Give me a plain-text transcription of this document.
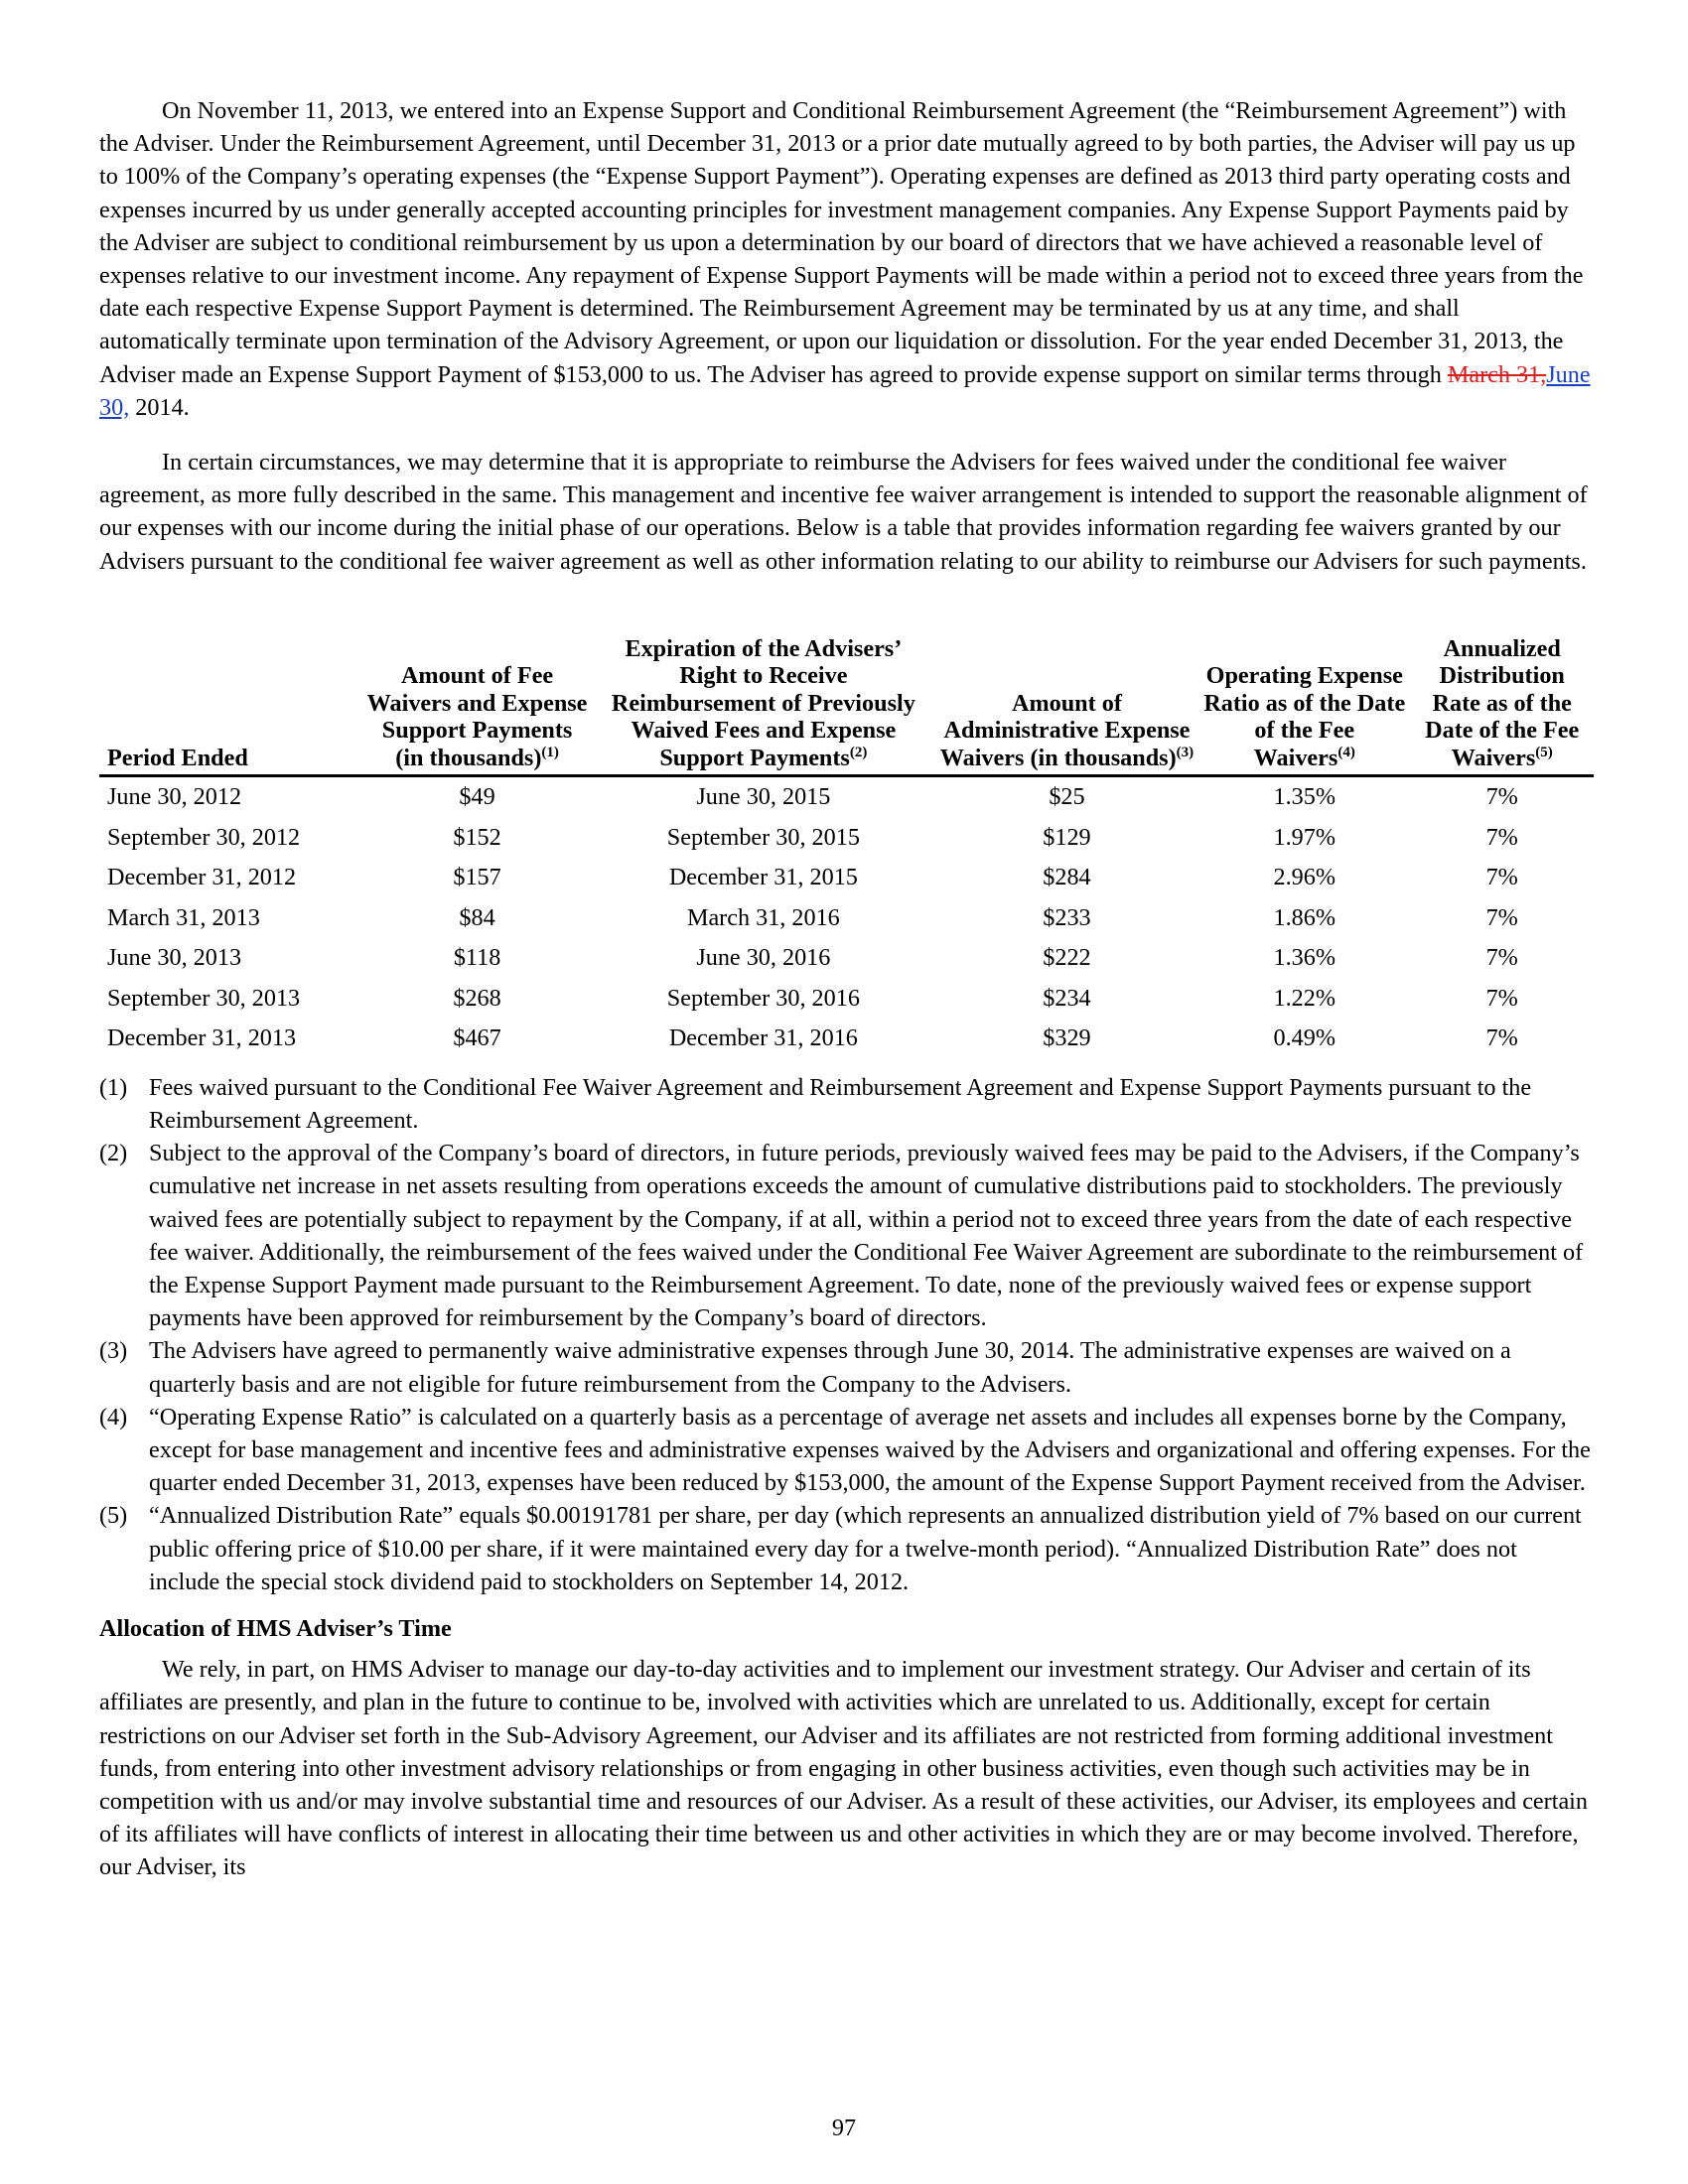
On November 11, 2013, we entered into an Expense Support and Conditional Reimbursement Agreement (the “Reimbursement Agreement”) with the Adviser. Under the Reimbursement Agreement, until December 31, 2013 or a prior date mutually agreed to by both parties, the Adviser will pay us up to 100% of the Company’s operating expenses (the “Expense Support Payment”). Operating expenses are defined as 2013 third party operating costs and expenses incurred by us under generally accepted accounting principles for investment management companies. Any Expense Support Payments paid by the Adviser are subject to conditional reimbursement by us upon a determination by our board of directors that we have achieved a reasonable level of expenses relative to our investment income. Any repayment of Expense Support Payments will be made within a period not to exceed three years from the date each respective Expense Support Payment is determined. The Reimbursement Agreement may be terminated by us at any time, and shall automatically terminate upon termination of the Advisory Agreement, or upon our liquidation or dissolution. For the year ended December 31, 2013, the Adviser made an Expense Support Payment of $153,000 to us. The Adviser has agreed to provide expense support on similar terms through March 31,June 30, 2014.

In certain circumstances, we may determine that it is appropriate to reimburse the Advisers for fees waived under the conditional fee waiver agreement, as more fully described in the same. This management and incentive fee waiver arrangement is intended to support the reasonable alignment of our expenses with our income during the initial phase of our operations. Below is a table that provides information regarding fee waivers granted by our Advisers pursuant to the conditional fee waiver agreement as well as other information relating to our ability to reimburse our Advisers for such payments.

Period Ended	Amount of Fee Waivers and Expense Support Payments (in thousands)$^{(1)}$	Expiration of the Advisers’ Right to Receive Reimbursement of Previously Waived Fees and Expense Support Payments$^{(2)}$	Amount of Administrative Expense Waivers (in thousands)$^{(3)}$	Operating Expense Ratio as of the Date of the Fee Waivers$^{(4)}$	Annualized Distribution Rate as of the Date of the Fee Waivers$^{(5)}$
June 30, 2012	$49	June 30, 2015	$25	1.35%	7%
September 30, 2012	$152	September 30, 2015	$129	1.97%	7%
December 31, 2012	$157	December 31, 2015	$284	2.96%	7%
March 31, 2013	$84	March 31, 2016	$233	1.86%	7%
June 30, 2013	$118	June 30, 2016	$222	1.36%	7%
September 30, 2013	$268	September 30, 2016	$234	1.22%	7%
December 31, 2013	$467	December 31, 2016	$329	0.49%	7%
(1) Fees waived pursuant to the Conditional Fee Waiver Agreement and Reimbursement Agreement and Expense Support Payments pursuant to the Reimbursement Agreement.
(2) Subject to the approval of the Company’s board of directors, in future periods, previously waived fees may be paid to the Advisers, if the Company’s cumulative net increase in net assets resulting from operations exceeds the amount of cumulative distributions paid to stockholders. The previously waived fees are potentially subject to repayment by the Company, if at all, within a period not to exceed three years from the date of each respective fee waiver. Additionally, the reimbursement of the fees waived under the Conditional Fee Waiver Agreement are subordinate to the reimbursement of the Expense Support Payment made pursuant to the Reimbursement Agreement. To date, none of the previously waived fees or expense support payments have been approved for reimbursement by the Company’s board of directors.
(3) The Advisers have agreed to permanently waive administrative expenses through June 30, 2014. The administrative expenses are waived on a quarterly basis and are not eligible for future reimbursement from the Company to the Advisers.
(4) “Operating Expense Ratio” is calculated on a quarterly basis as a percentage of average net assets and includes all expenses borne by the Company, except for base management and incentive fees and administrative expenses waived by the Advisers and organizational and offering expenses. For the quarter ended December 31, 2013, expenses have been reduced by $153,000, the amount of the Expense Support Payment received from the Adviser.
(5) “Annualized Distribution Rate” equals $0.00191781 per share, per day (which represents an annualized distribution yield of 7% based on our current public offering price of $10.00 per share, if it were maintained every day for a twelve-month period). “Annualized Distribution Rate” does not include the special stock dividend paid to stockholders on September 14, 2012.
Allocation of HMS Adviser’s Time

We rely, in part, on HMS Adviser to manage our day-to-day activities and to implement our investment strategy. Our Adviser and certain of its affiliates are presently, and plan in the future to continue to be, involved with activities which are unrelated to us. Additionally, except for certain restrictions on our Adviser set forth in the Sub-Advisory Agreement, our Adviser and its affiliates are not restricted from forming additional investment funds, from entering into other investment advisory relationships or from engaging in other business activities, even though such activities may be in competition with us and/or may involve substantial time and resources of our Adviser. As a result of these activities, our Adviser, its employees and certain of its affiliates will have conflicts of interest in allocating their time between us and other activities in which they are or may become involved. Therefore, our Adviser, its

97
